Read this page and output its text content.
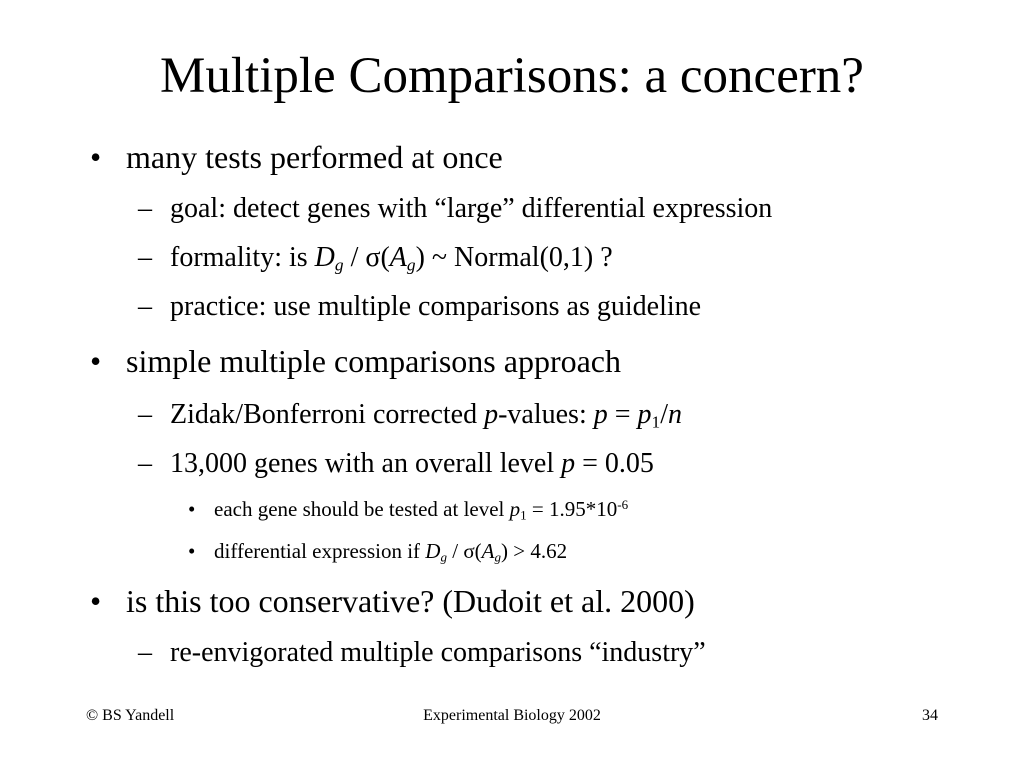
Multiple Comparisons: a concern?
• many tests performed at once
– goal: detect genes with “large” differential expression
– formality: is $D_g / \sigma(A_g)$ ~ Normal(0,1) ?
– practice: use multiple comparisons as guideline
• simple multiple comparisons approach
– Zidak/Bonferroni corrected p-values: $p = p_1/n$
– 13,000 genes with an overall level p = 0.05
• each gene should be tested at level $p_1 = 1.95*10^{-6}$
• differential expression if $D_g / \sigma(A_g) > 4.62$
• is this too conservative? (Dudoit et al. 2000)
– re-envigorated multiple comparisons “industry”
© BS Yandell	Experimental Biology 2002	34
